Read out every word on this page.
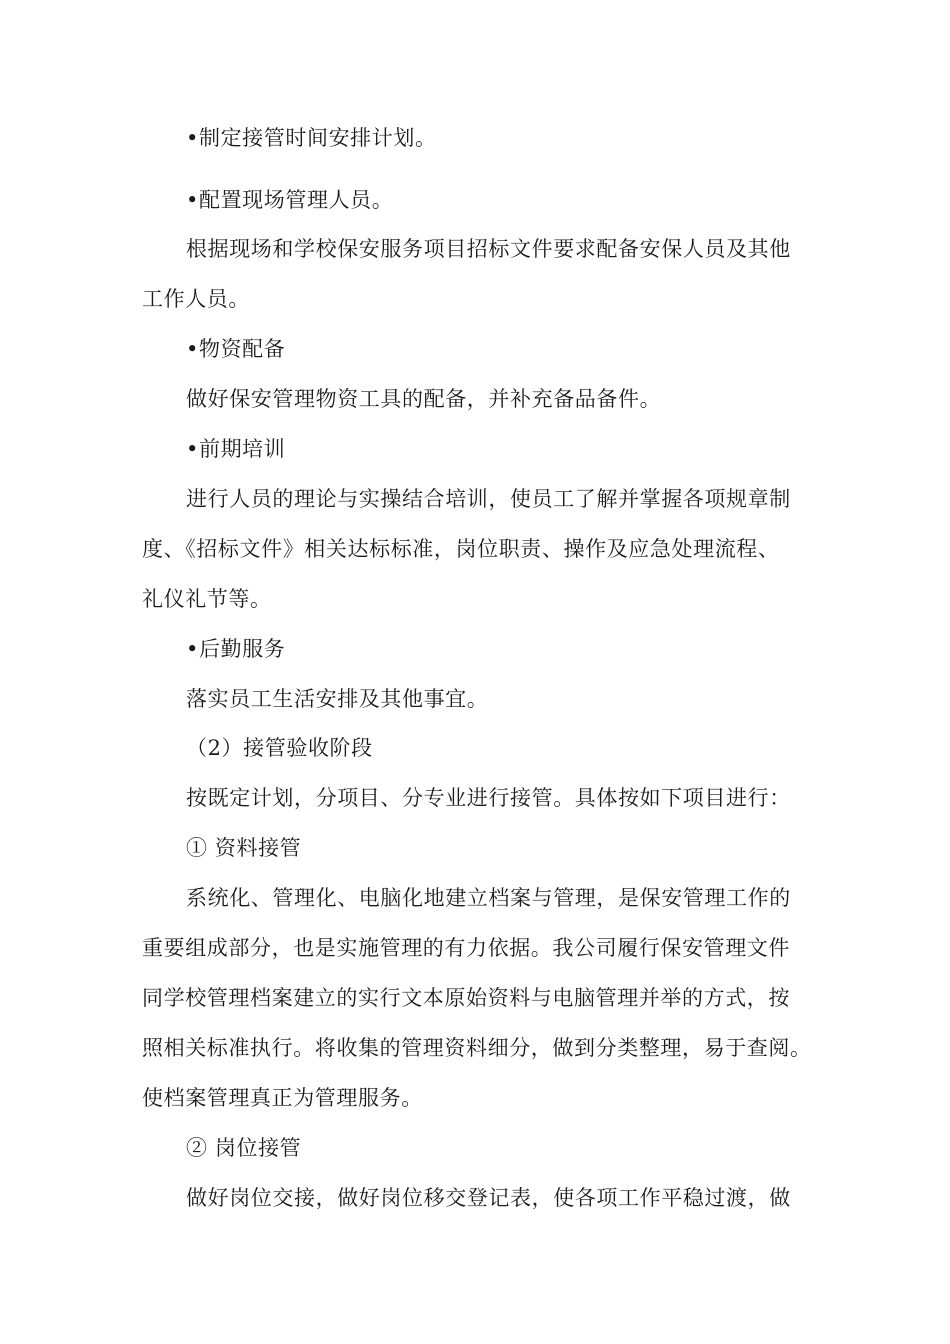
•制定接管时间安排计划。
•配置现场管理人员。
根据现场和学校保安服务项目招标文件要求配备安保人员及其他
工作人员。
•物资配备
做好保安管理物资工具的配备，并补充备品备件。
•前期培训
进行人员的理论与实操结合培训，使员工了解并掌握各项规章制
度、《招标文件》相关达标标准，岗位职责、操作及应急处理流程、
礼仪礼节等。
•后勤服务
落实员工生活安排及其他事宜。
（2）接管验收阶段
按既定计划，分项目、分专业进行接管。具体按如下项目进行：
① 资料接管
系统化、管理化、电脑化地建立档案与管理，是保安管理工作的
重要组成部分，也是实施管理的有力依据。我公司履行保安管理文件
同学校管理档案建立的实行文本原始资料与电脑管理并举的方式，按
照相关标准执行。将收集的管理资料细分，做到分类整理，易于查阅。
使档案管理真正为管理服务。
② 岗位接管
做好岗位交接，做好岗位移交登记表，使各项工作平稳过渡，做
